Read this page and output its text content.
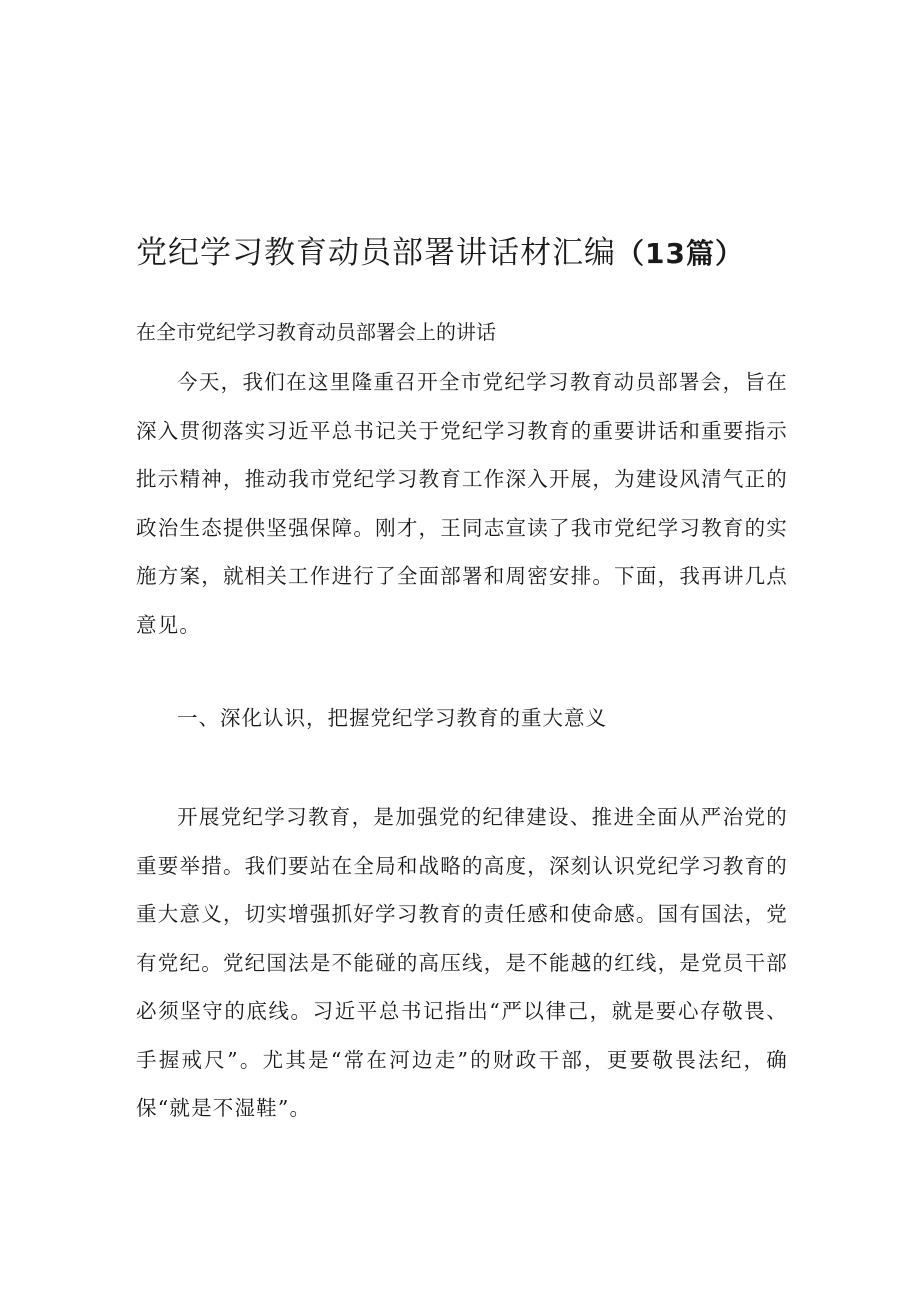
党纪学习教育动员部署讲话材汇编（13篇）

在全市党纪学习教育动员部署会上的讲话

今天，我们在这里隆重召开全市党纪学习教育动员部署会，旨在深入贯彻落实习近平总书记关于党纪学习教育的重要讲话和重要指示批示精神，推动我市党纪学习教育工作深入开展，为建设风清气正的政治生态提供坚强保障。刚才，王同志宣读了我市党纪学习教育的实施方案，就相关工作进行了全面部署和周密安排。下面，我再讲几点意见。

一、深化认识，把握党纪学习教育的重大意义

开展党纪学习教育，是加强党的纪律建设、推进全面从严治党的重要举措。我们要站在全局和战略的高度，深刻认识党纪学习教育的重大意义，切实增强抓好学习教育的责任感和使命感。国有国法，党有党纪。党纪国法是不能碰的高压线，是不能越的红线，是党员干部必须坚守的底线。习近平总书记指出“严以律己，就是要心存敬畏、手握戒尺”。尤其是“常在河边走”的财政干部，更要敬畏法纪，确保“就是不湿鞋”。
